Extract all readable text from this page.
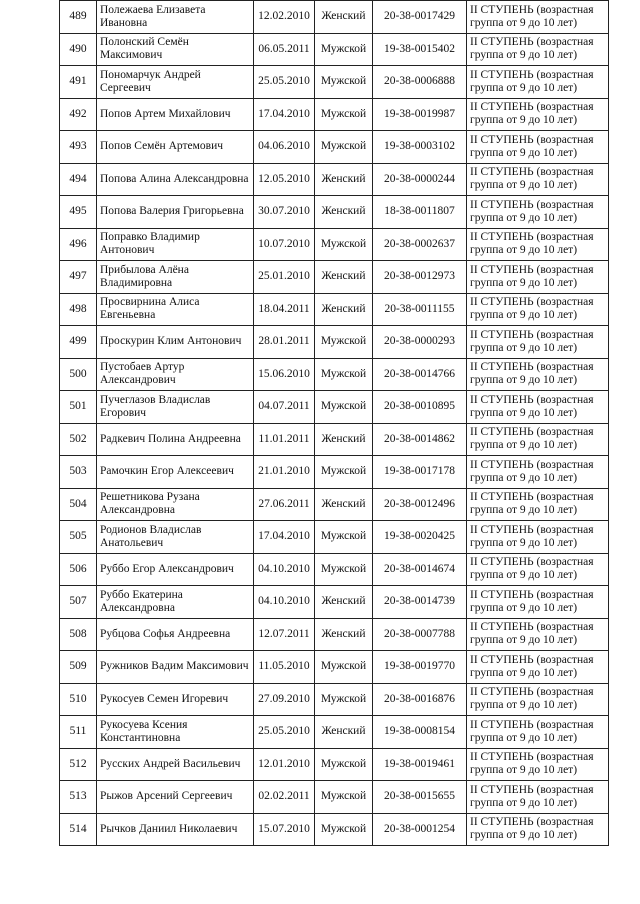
489	Полежаева Елизавета Ивановна	12.02.2010	Женский	20-38-0017429	II СТУПЕНЬ (возрастная группа от 9 до 10 лет)
490	Полонский Семён Максимович	06.05.2011	Мужской	19-38-0015402	II СТУПЕНЬ (возрастная группа от 9 до 10 лет)
491	Пономарчук Андрей Сергеевич	25.05.2010	Мужской	20-38-0006888	II СТУПЕНЬ (возрастная группа от 9 до 10 лет)
492	Попов Артем Михайлович	17.04.2010	Мужской	19-38-0019987	II СТУПЕНЬ (возрастная группа от 9 до 10 лет)
493	Попов Семён Артемович	04.06.2010	Мужской	19-38-0003102	II СТУПЕНЬ (возрастная группа от 9 до 10 лет)
494	Попова Алина Александровна	12.05.2010	Женский	20-38-0000244	II СТУПЕНЬ (возрастная группа от 9 до 10 лет)
495	Попова Валерия Григорьевна	30.07.2010	Женский	18-38-0011807	II СТУПЕНЬ (возрастная группа от 9 до 10 лет)
496	Поправко Владимир Антонович	10.07.2010	Мужской	20-38-0002637	II СТУПЕНЬ (возрастная группа от 9 до 10 лет)
497	Прибылова Алёна Владимировна	25.01.2010	Женский	20-38-0012973	II СТУПЕНЬ (возрастная группа от 9 до 10 лет)
498	Просвирнина Алиса Евгеньевна	18.04.2011	Женский	20-38-0011155	II СТУПЕНЬ (возрастная группа от 9 до 10 лет)
499	Проскурин Клим Антонович	28.01.2011	Мужской	20-38-0000293	II СТУПЕНЬ (возрастная группа от 9 до 10 лет)
500	Пустобаев Артур Александрович	15.06.2010	Мужской	20-38-0014766	II СТУПЕНЬ (возрастная группа от 9 до 10 лет)
501	Пучеглазов Владислав Егорович	04.07.2011	Мужской	20-38-0010895	II СТУПЕНЬ (возрастная группа от 9 до 10 лет)
502	Радкевич Полина Андреевна	11.01.2011	Женский	20-38-0014862	II СТУПЕНЬ (возрастная группа от 9 до 10 лет)
503	Рамочкин Егор Алексеевич	21.01.2010	Мужской	19-38-0017178	II СТУПЕНЬ (возрастная группа от 9 до 10 лет)
504	Решетникова Рузана Александровна	27.06.2011	Женский	20-38-0012496	II СТУПЕНЬ (возрастная группа от 9 до 10 лет)
505	Родионов Владислав Анатольевич	17.04.2010	Мужской	19-38-0020425	II СТУПЕНЬ (возрастная группа от 9 до 10 лет)
506	Руббо Егор Александрович	04.10.2010	Мужской	20-38-0014674	II СТУПЕНЬ (возрастная группа от 9 до 10 лет)
507	Руббо Екатерина Александровна	04.10.2010	Женский	20-38-0014739	II СТУПЕНЬ (возрастная группа от 9 до 10 лет)
508	Рубцова Софья Андреевна	12.07.2011	Женский	20-38-0007788	II СТУПЕНЬ (возрастная группа от 9 до 10 лет)
509	Ружников Вадим Максимович	11.05.2010	Мужской	19-38-0019770	II СТУПЕНЬ (возрастная группа от 9 до 10 лет)
510	Рукосуев Семен Игоревич	27.09.2010	Мужской	20-38-0016876	II СТУПЕНЬ (возрастная группа от 9 до 10 лет)
511	Рукосуева Ксения Константиновна	25.05.2010	Женский	19-38-0008154	II СТУПЕНЬ (возрастная группа от 9 до 10 лет)
512	Русских Андрей Васильевич	12.01.2010	Мужской	19-38-0019461	II СТУПЕНЬ (возрастная группа от 9 до 10 лет)
513	Рыжов Арсений Сергеевич	02.02.2011	Мужской	20-38-0015655	II СТУПЕНЬ (возрастная группа от 9 до 10 лет)
514	Рычков Даниил Николаевич	15.07.2010	Мужской	20-38-0001254	II СТУПЕНЬ (возрастная группа от 9 до 10 лет)
